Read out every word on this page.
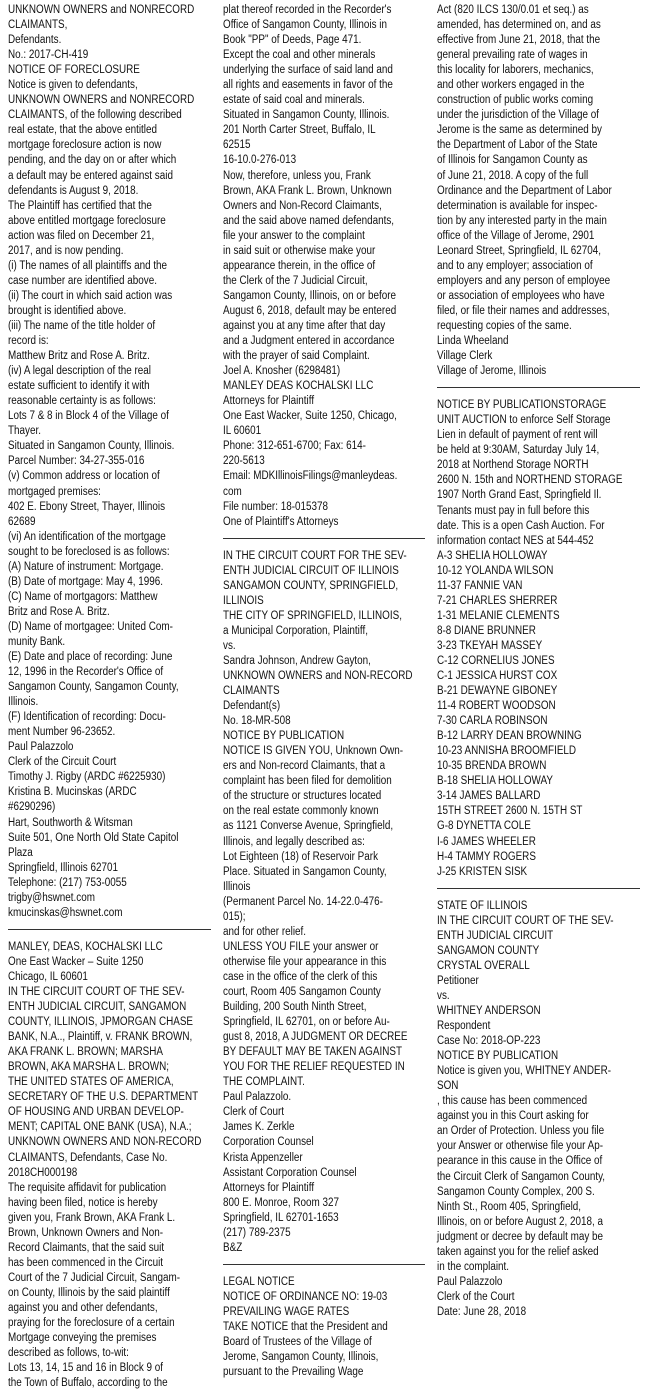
UNKNOWN OWNERS and NONRECORD
CLAIMANTS,
Defendants.
No.: 2017-CH-419
NOTICE OF FORECLOSURE
Notice is given to defendants,
UNKNOWN OWNERS and NONRECORD
CLAIMANTS, of the following described
real estate, that the above entitled
mortgage foreclosure action is now
pending, and the day on or after which
a default may be entered against said
defendants is August 9, 2018.
The Plaintiff has certified that the
above entitled mortgage foreclosure
action was filed on December 21,
2017, and is now pending.
(i) The names of all plaintiffs and the
case number are identified above.
(ii) The court in which said action was
brought is identified above.
(iii) The name of the title holder of
record is:
Matthew Britz and Rose A. Britz.
(iv) A legal description of the real
estate sufficient to identify it with
reasonable certainty is as follows:
Lots 7 & 8 in Block 4 of the Village of
Thayer.
Situated in Sangamon County, Illinois.
Parcel Number: 34-27-355-016
(v) Common address or location of
mortgaged premises:
402 E. Ebony Street, Thayer, Illinois
62689
(vi) An identification of the mortgage
sought to be foreclosed is as follows:
(A) Nature of instrument: Mortgage.
(B) Date of mortgage: May 4, 1996.
(C) Name of mortgagors: Matthew
Britz and Rose A. Britz.
(D) Name of mortgagee: United Com-
munity Bank.
(E) Date and place of recording: June
12, 1996 in the Recorder's Office of
Sangamon County, Sangamon County,
Illinois.
(F) Identification of recording: Docu-
ment Number 96-23652.
Paul Palazzolo
Clerk of the Circuit Court
Timothy J. Rigby (ARDC #6225930)
Kristina B. Mucinskas (ARDC
#6290296)
Hart, Southworth & Witsman
Suite 501, One North Old State Capitol
Plaza
Springfield, Illinois 62701
Telephone: (217) 753-0055
trigby@hswnet.com
kmucinskas@hswnet.com
MANLEY, DEAS, KOCHALSKI LLC
One East Wacker – Suite 1250
Chicago, IL 60601
IN THE CIRCUIT COURT OF THE SEV-
ENTH JUDICIAL CIRCUIT, SANGAMON
COUNTY, ILLINOIS, JPMORGAN CHASE
BANK, N.A.., Plaintiff, v. FRANK BROWN,
AKA FRANK L. BROWN; MARSHA
BROWN, AKA MARSHA L. BROWN;
THE UNITED STATES OF AMERICA,
SECRETARY OF THE U.S. DEPARTMENT
OF HOUSING AND URBAN DEVELOP-
MENT; CAPITAL ONE BANK (USA), N.A.;
UNKNOWN OWNERS AND NON-RECORD
CLAIMANTS, Defendants, Case No.
2018CH000198
The requisite affidavit for publication
having been filed, notice is hereby
given you, Frank Brown, AKA Frank L.
Brown, Unknown Owners and Non-
Record Claimants, that the said suit
has been commenced in the Circuit
Court of the 7 Judicial Circuit, Sangam-
on County, Illinois by the said plaintiff
against you and other defendants,
praying for the foreclosure of a certain
Mortgage conveying the premises
described as follows, to-wit:
Lots 13, 14, 15 and 16 in Block 9 of
the Town of Buffalo, according to the
plat thereof recorded in the Recorder's
Office of Sangamon County, Illinois in
Book "PP" of Deeds, Page 471.
Except the coal and other minerals
underlying the surface of said land and
all rights and easements in favor of the
estate of said coal and minerals.
Situated in Sangamon County, Illinois.
201 North Carter Street, Buffalo, IL
62515
16-10.0-276-013
Now, therefore, unless you, Frank
Brown, AKA Frank L. Brown, Unknown
Owners and Non-Record Claimants,
and the said above named defendants,
file your answer to the complaint
in said suit or otherwise make your
appearance therein, in the office of
the Clerk of the 7 Judicial Circuit,
Sangamon County, Illinois, on or before
August 6, 2018, default may be entered
against you at any time after that day
and a Judgment entered in accordance
with the prayer of said Complaint.
Joel A. Knosher (6298481)
MANLEY DEAS KOCHALSKI LLC
Attorneys for Plaintiff
One East Wacker, Suite 1250, Chicago,
IL 60601
Phone: 312-651-6700; Fax: 614-
220-5613
Email: MDKIllinoisFilings@manleydeas.
com
File number: 18-015378
One of Plaintiff's Attorneys
IN THE CIRCUIT COURT FOR THE SEV-
ENTH JUDICIAL CIRCUIT OF ILLINOIS
SANGAMON COUNTY, SPRINGFIELD,
ILLINOIS
THE CITY OF SPRINGFIELD, ILLINOIS,
a Municipal Corporation, Plaintiff,
vs.
Sandra Johnson, Andrew Gayton,
UNKNOWN OWNERS and NON-RECORD
CLAIMANTS
Defendant(s)
No. 18-MR-508
NOTICE BY PUBLICATION
NOTICE IS GIVEN YOU, Unknown Own-
ers and Non-record Claimants, that a
complaint has been filed for demolition
of the structure or structures located
on the real estate commonly known
as 1121 Converse Avenue, Springfield,
Illinois, and legally described as:
Lot Eighteen (18) of Reservoir Park
Place. Situated in Sangamon County,
Illinois
(Permanent Parcel No. 14-22.0-476-
015);
and for other relief.
UNLESS YOU FILE your answer or
otherwise file your appearance in this
case in the office of the clerk of this
court, Room 405 Sangamon County
Building, 200 South Ninth Street,
Springfield, IL 62701, on or before Au-
gust 8, 2018, A JUDGMENT OR DECREE
BY DEFAULT MAY BE TAKEN AGAINST
YOU FOR THE RELIEF REQUESTED IN
THE COMPLAINT.
Paul Palazzolo.
Clerk of Court
James K. Zerkle
Corporation Counsel
Krista Appenzeller
Assistant Corporation Counsel
Attorneys for Plaintiff
800 E. Monroe, Room 327
Springfield, IL 62701-1653
(217) 789-2375
B&Z
LEGAL NOTICE
NOTICE OF ORDINANCE NO: 19-03
PREVAILING WAGE RATES
TAKE NOTICE that the President and
Board of Trustees of the Village of
Jerome, Sangamon County, Illinois,
pursuant to the Prevailing Wage
Act (820 ILCS 130/0.01 et seq.) as
amended, has determined on, and as
effective from June 21, 2018, that the
general prevailing rate of wages in
this locality for laborers, mechanics,
and other workers engaged in the
construction of public works coming
under the jurisdiction of the Village of
Jerome is the same as determined by
the Department of Labor of the State
of Illinois for Sangamon County as
of June 21, 2018. A copy of the full
Ordinance and the Department of Labor
determination is available for inspec-
tion by any interested party in the main
office of the Village of Jerome, 2901
Leonard Street, Springfield, IL 62704,
and to any employer; association of
employers and any person of employee
or association of employees who have
filed, or file their names and addresses,
requesting copies of the same.
Linda Wheeland
Village Clerk
Village of Jerome, Illinois
NOTICE BY PUBLICATIONSTORAGE
UNIT AUCTION to enforce Self Storage
Lien in default of payment of rent will
be held at 9:30AM, Saturday July 14,
2018 at Northend Storage NORTH
2600 N. 15th and NORTHEND STORAGE
1907 North Grand East, Springfield Il.
Tenants must pay in full before this
date. This is a open Cash Auction. For
information contact NES at 544-452
A-3 SHELIA HOLLOWAY
10-12 YOLANDA WILSON
11-37 FANNIE VAN
7-21 CHARLES SHERRER
1-31 MELANIE CLEMENTS
8-8 DIANE BRUNNER
3-23 TKEYAH MASSEY
C-12 CORNELIUS JONES
C-1 JESSICA HURST COX
B-21 DEWAYNE GIBONEY
11-4 ROBERT WOODSON
7-30 CARLA ROBINSON
B-12 LARRY DEAN BROWNING
10-23 ANNISHA BROOMFIELD
10-35 BRENDA BROWN
B-18 SHELIA HOLLOWAY
3-14 JAMES BALLARD
15TH STREET 2600 N. 15TH ST
G-8 DYNETTA COLE
I-6 JAMES WHEELER
H-4 TAMMY ROGERS
J-25 KRISTEN SISK
STATE OF ILLINOIS
IN THE CIRCUIT COURT OF THE SEV-
ENTH JUDICIAL CIRCUIT
SANGAMON COUNTY
CRYSTAL OVERALL
Petitioner
vs.
WHITNEY ANDERSON
Respondent
Case No: 2018-OP-223
NOTICE BY PUBLICATION
Notice is given you, WHITNEY ANDER-
SON
, this cause has been commenced
against you in this Court asking for
an Order of Protection. Unless you file
your Answer or otherwise file your Ap-
pearance in this cause in the Office of
the Circuit Clerk of Sangamon County,
Sangamon County Complex, 200 S.
Ninth St., Room 405, Springfield,
Illinois, on or before August 2, 2018, a
judgment or decree by default may be
taken against you for the relief asked
in the complaint.
Paul Palazzolo
Clerk of the Court
Date: June 28, 2018
